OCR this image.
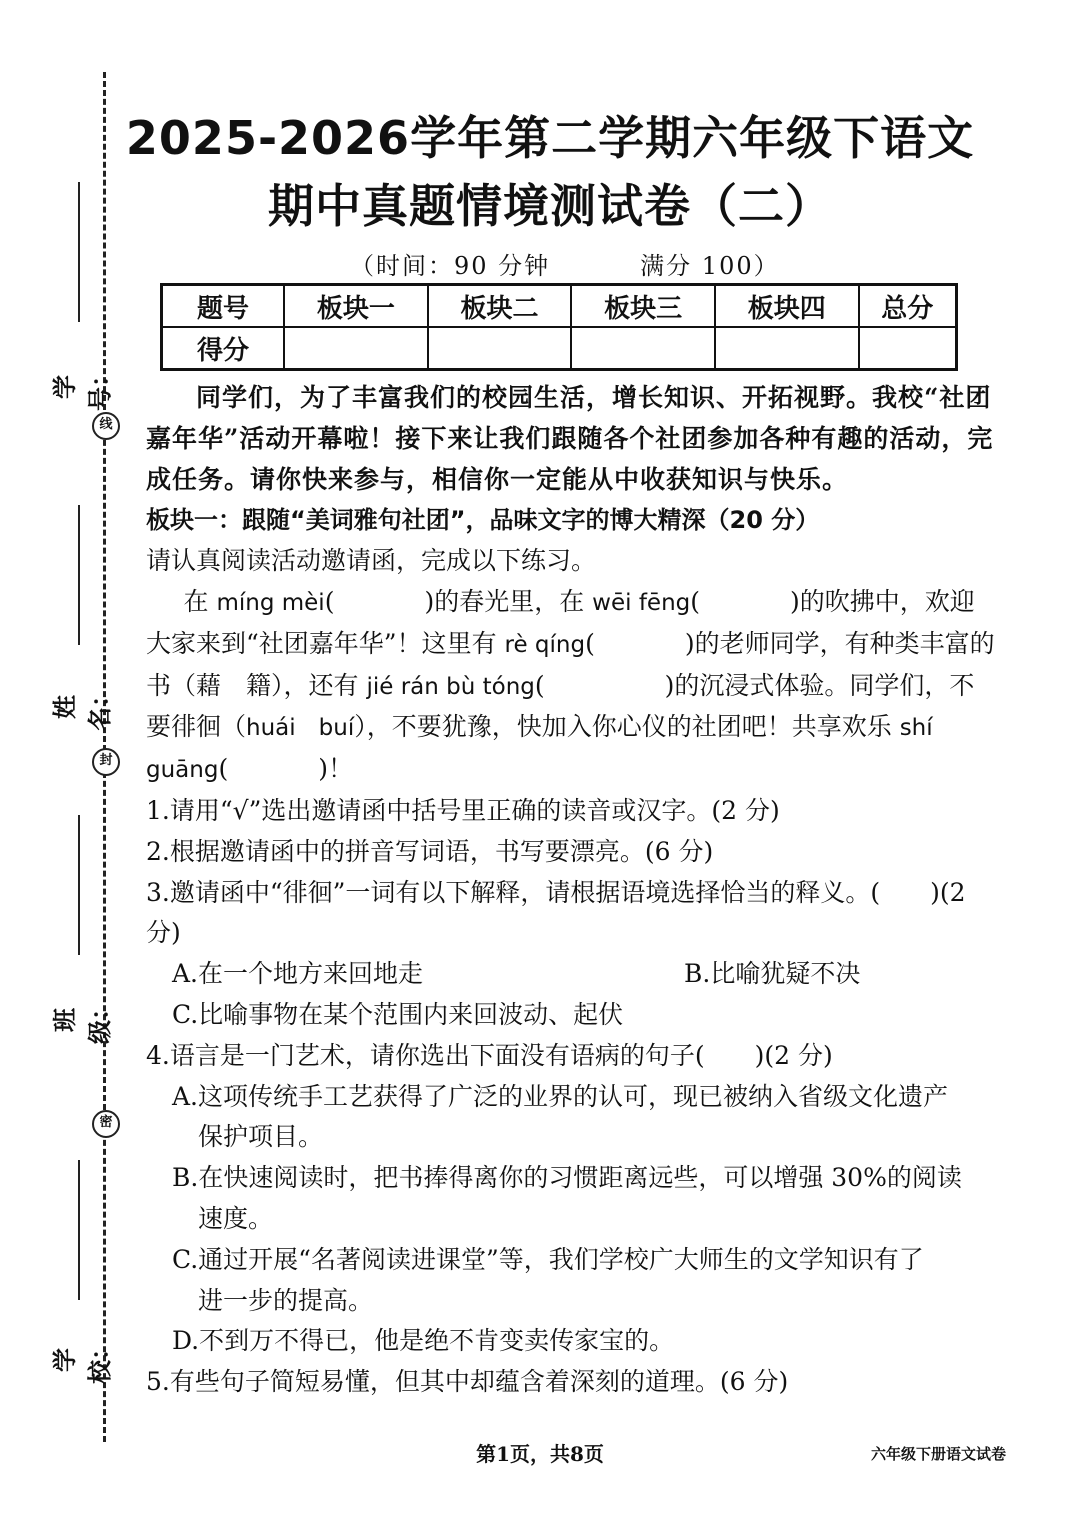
线
封
密
学号：
姓名：
班级：
学校：
2025-2026学年第二学期六年级下语文
期中真题情境测试卷（二）
（时间：90 分钟	满分 100）
题号	板块一	板块二	板块三	板块四	总分
得分					

同学们，为了丰富我们的校园生活，增长知识、开拓视野。我校“社团嘉年华”活动开幕啦！接下来让我们跟随各个社团参加各种有趣的活动，完成任务。请你快来参与，相信你一定能从中收获知识与快乐。

板块一：跟随“美词雅句社团”，品味文字的博大精深（20 分）

请认真阅读活动邀请函，完成以下练习。

在 míng mèi(	)的春光里，在 wēi fēng(	)的吹拂中，欢迎大家来到“社团嘉年华”！这里有 rè qíng(	)的老师同学，有种类丰富的书（藉　籍），还有 jié rán bù tóng(	)的沉浸式体验。同学们，不要徘徊（huái　buí），不要犹豫，快加入你心仪的社团吧！共享欢乐 shí guāng(	)！

1.请用“√”选出邀请函中括号里正确的读音或汉字。(2 分)

2.根据邀请函中的拼音写词语，书写要漂亮。(6 分)

3.邀请函中“徘徊”一词有以下解释，请根据语境选择恰当的释义。(　　)(2 分)

A.在一个地方来回地走	B.比喻犹疑不决

C.比喻事物在某个范围内来回波动、起伏

4.语言是一门艺术，请你选出下面没有语病的句子(　　)(2 分)

A.这项传统手工艺获得了广泛的业界的认可，现已被纳入省级文化遗产

保护项目。

B.在快速阅读时，把书捧得离你的习惯距离远些，可以增强 30%的阅读

速度。

C.通过开展“名著阅读进课堂”等，我们学校广大师生的文学知识有了

进一步的提高。

D.不到万不得已，他是绝不肯变卖传家宝的。

5.有些句子简短易懂，但其中却蕴含着深刻的道理。(6 分)

第1页，共8页	六年级下册语文试卷
